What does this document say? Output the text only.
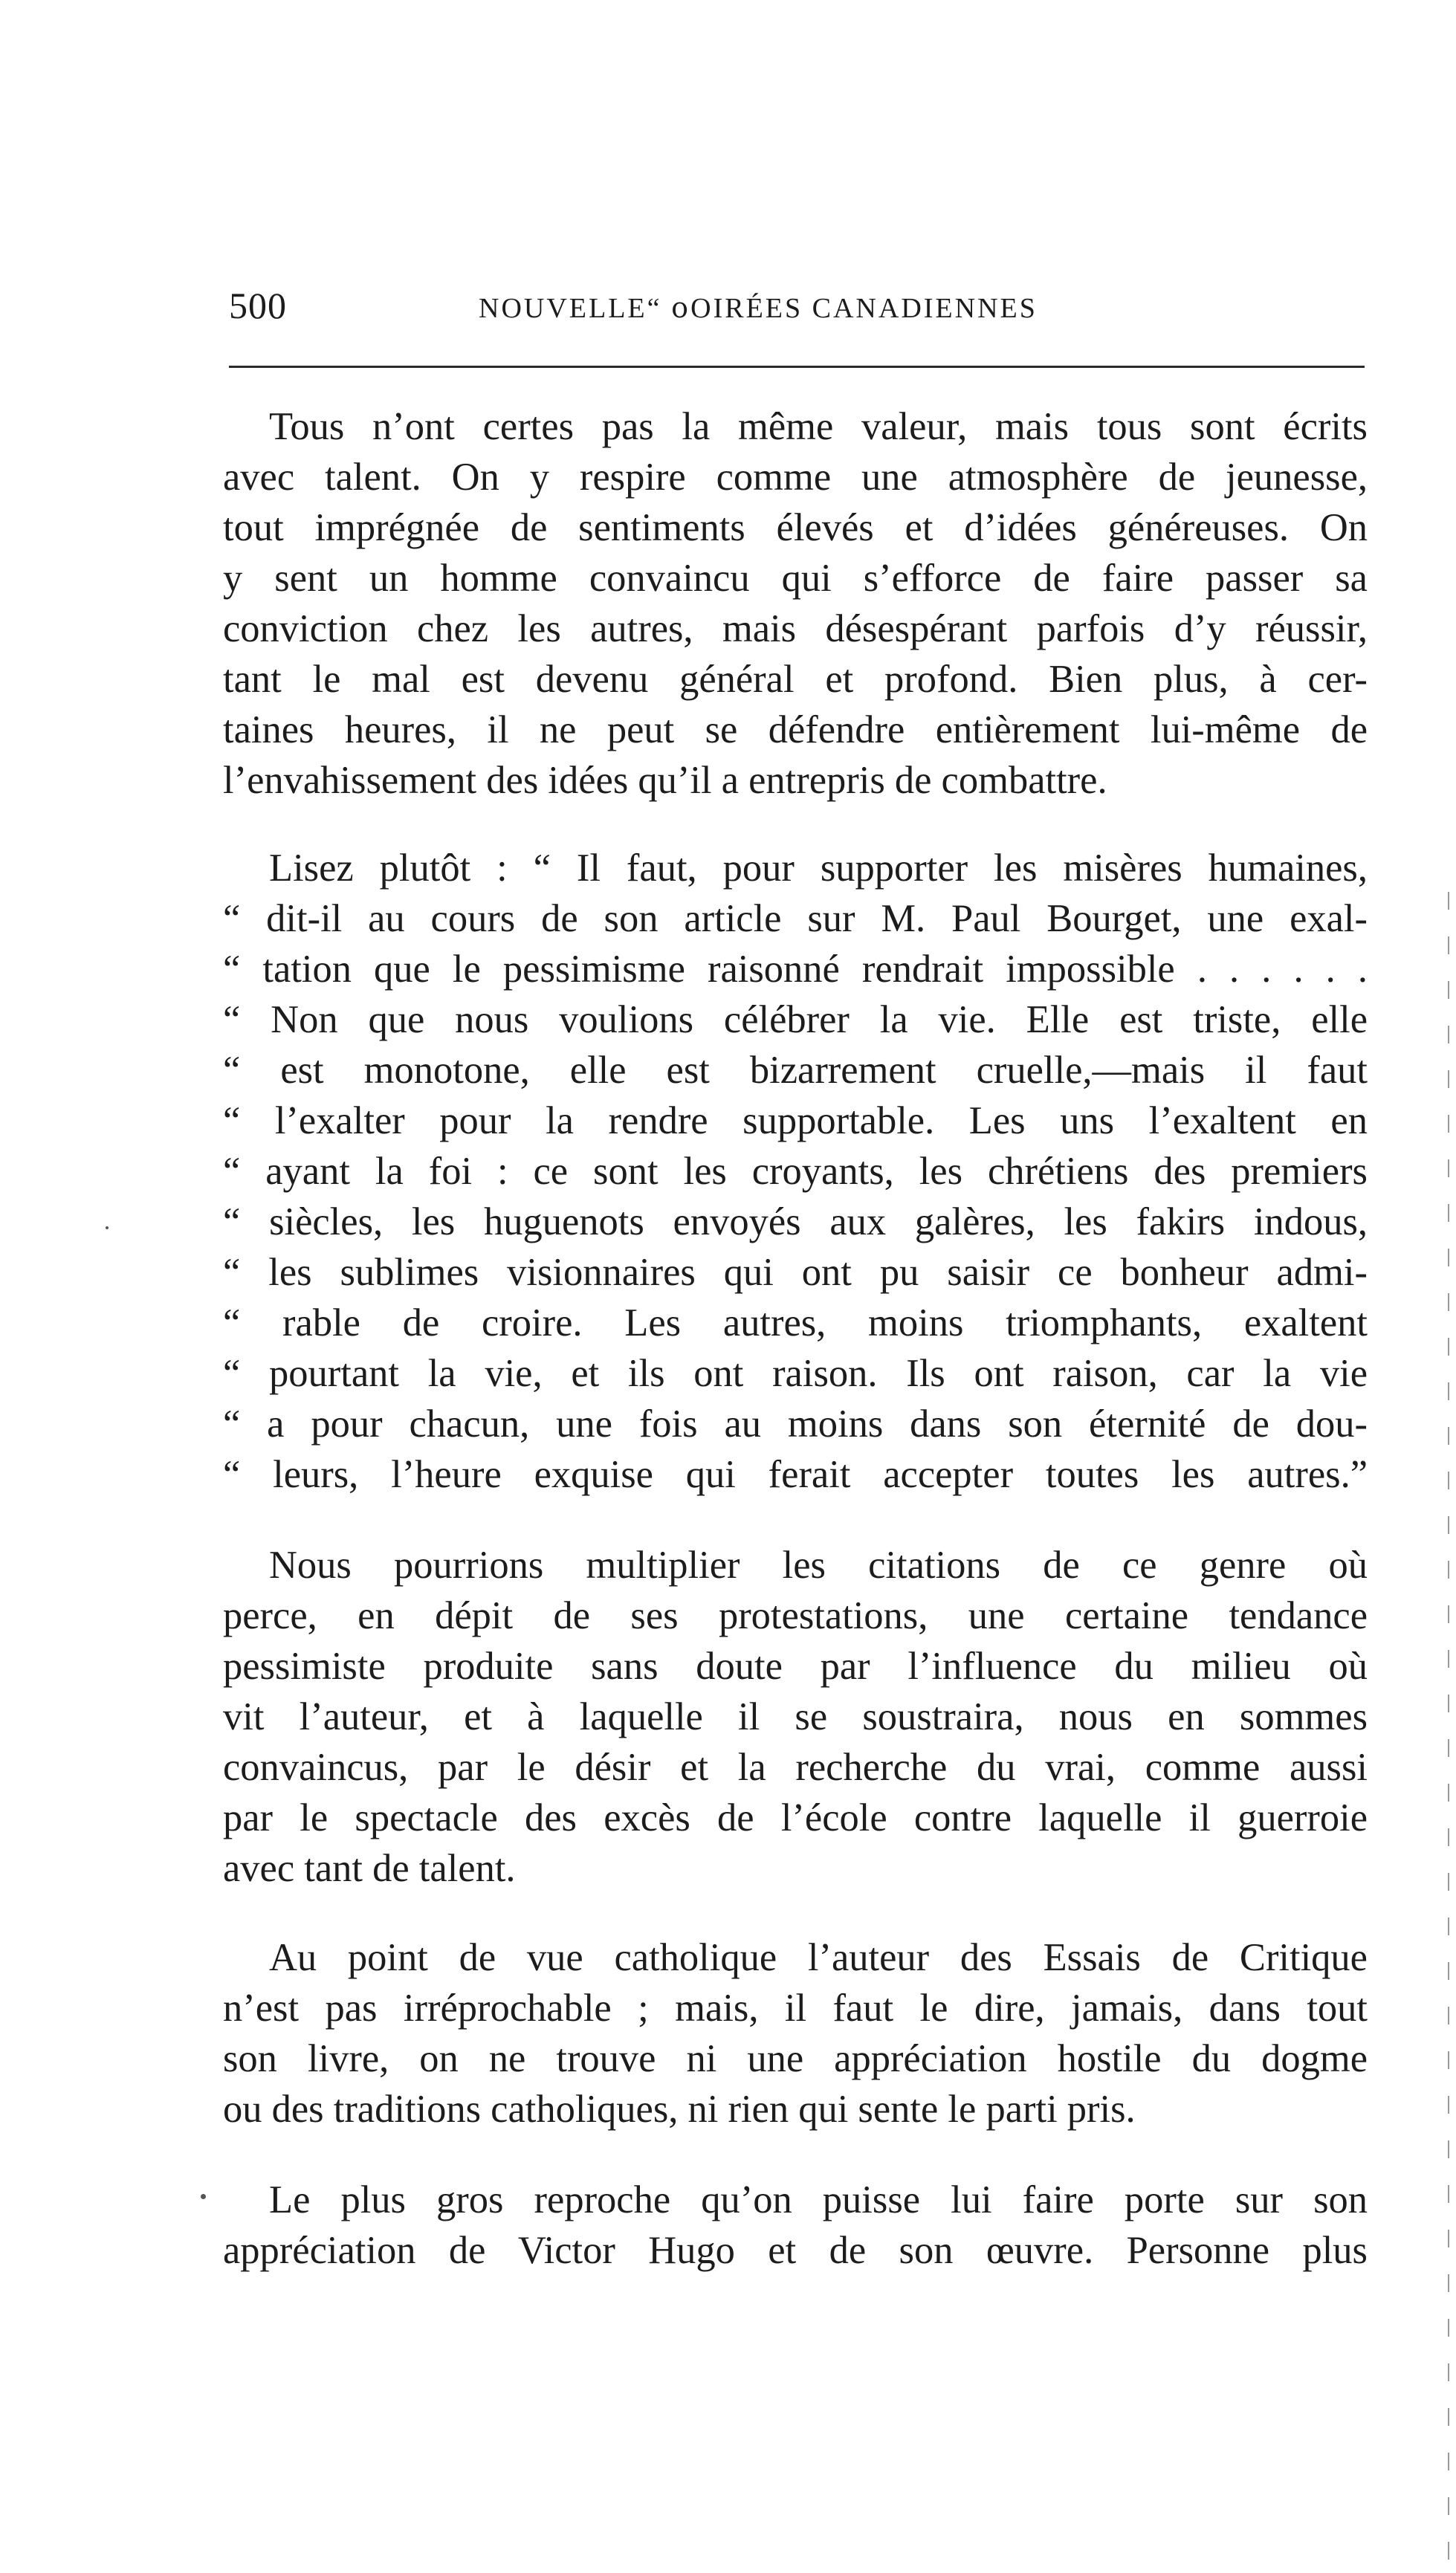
500	NOUVELLE“ օOIRÉES CANADIENNES
Tous n’ont certes pas la même valeur, mais tous sont écrits
avec talent. On y respire comme une atmosphère de jeunesse,
tout imprégnée de sentiments élevés et d’idées généreuses. On
y sent un homme convaincu qui s’efforce de faire passer sa
conviction chez les autres, mais désespérant parfois d’y réussir,
tant le mal est devenu général et profond. Bien plus, à cer-
taines heures, il ne peut se défendre entièrement lui-même de
l’envahissement des idées qu’il a entrepris de combattre.
Lisez plutôt : “ Il faut, pour supporter les misères humaines,
“ dit-il au cours de son article sur M. Paul Bourget, une exal-
“ tation que le pessimisme raisonné rendrait impossible . . . . . .
“ Non que nous voulions célébrer la vie. Elle est triste, elle
“ est monotone, elle est bizarrement cruelle,—mais il faut
“ l’exalter pour la rendre supportable. Les uns l’exaltent en
“ ayant la foi : ce sont les croyants, les chrétiens des premiers
“ siècles, les huguenots envoyés aux galères, les fakirs indous,
“ les sublimes visionnaires qui ont pu saisir ce bonheur admi-
“ rable de croire. Les autres, moins triomphants, exaltent
“ pourtant la vie, et ils ont raison. Ils ont raison, car la vie
“ a pour chacun, une fois au moins dans son éternité de dou-
“ leurs, l’heure exquise qui ferait accepter toutes les autres.”
Nous pourrions multiplier les citations de ce genre où
perce, en dépit de ses protestations, une certaine tendance
pessimiste produite sans doute par l’influence du milieu où
vit l’auteur, et à laquelle il se soustraira, nous en sommes
convaincus, par le désir et la recherche du vrai, comme aussi
par le spectacle des excès de l’école contre laquelle il guerroie
avec tant de talent.
Au point de vue catholique l’auteur des Essais de Critique
n’est pas irréprochable ; mais, il faut le dire, jamais, dans tout
son livre, on ne trouve ni une appréciation hostile du dogme
ou des traditions catholiques, ni rien qui sente le parti pris.
Le plus gros reproche qu’on puisse lui faire porte sur son
appréciation de Victor Hugo et de son œuvre. Personne plus
